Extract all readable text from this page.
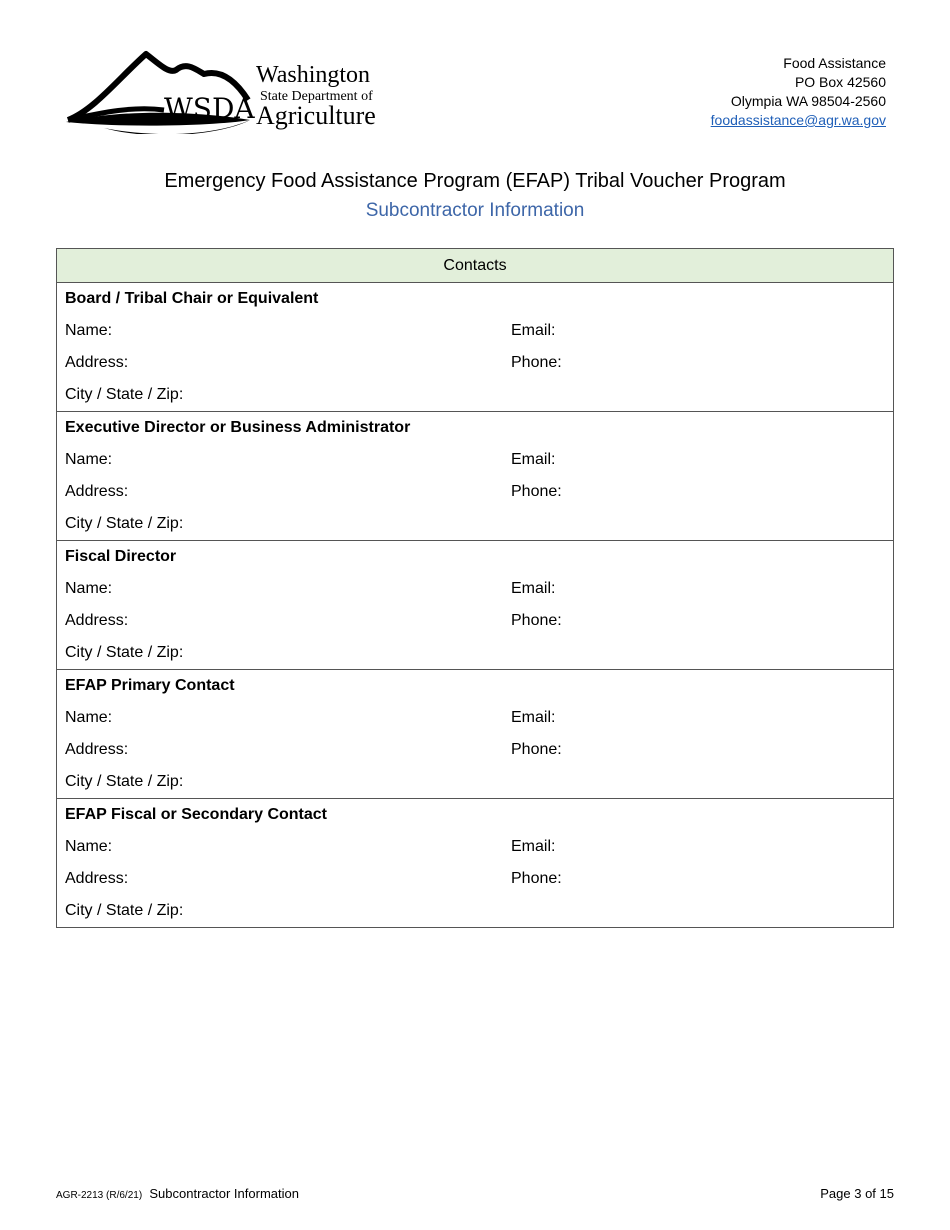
WSDA
Washington
State Department of
Agriculture
Food Assistance
PO Box 42560
Olympia WA 98504-2560
foodassistance@agr.wa.gov
Emergency Food Assistance Program (EFAP) Tribal Voucher Program
Subcontractor Information
Contacts	
Board / Tribal Chair or Equivalent	
Name:	Email:
Address:	Phone:
City / State / Zip:	
Executive Director or Business Administrator	
Name:	Email:
Address:	Phone:
City / State / Zip:	
Fiscal Director	
Name:	Email:
Address:	Phone:
City / State / Zip:	
EFAP Primary Contact	
Name:	Email:
Address:	Phone:
City / State / Zip:	
EFAP Fiscal or Secondary Contact	
Name:	Email:
Address:	Phone:
City / State / Zip:	
AGR-2213 (R/6/21) Subcontractor Information	Page 3 of 15
